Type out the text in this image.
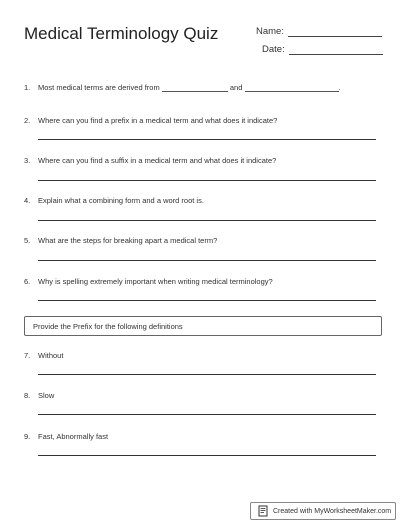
Medical Terminology Quiz	Name:
Date:
1. Most medical terms are derived from	and	.
2. Where can you find a prefix in a medical term and what does it indicate?
3. Where can you find a suffix in a medical term and what does it indicate?
4. Explain what a combining form and a word root is.
5. What are the steps for breaking apart a medical term?
6. Why is spelling extremely important when writing medical terminology?
Provide the Prefix for the following definitions
7. Without
8. Slow
9. Fast, Abnormally fast
Created with MyWorksheetMaker.com
